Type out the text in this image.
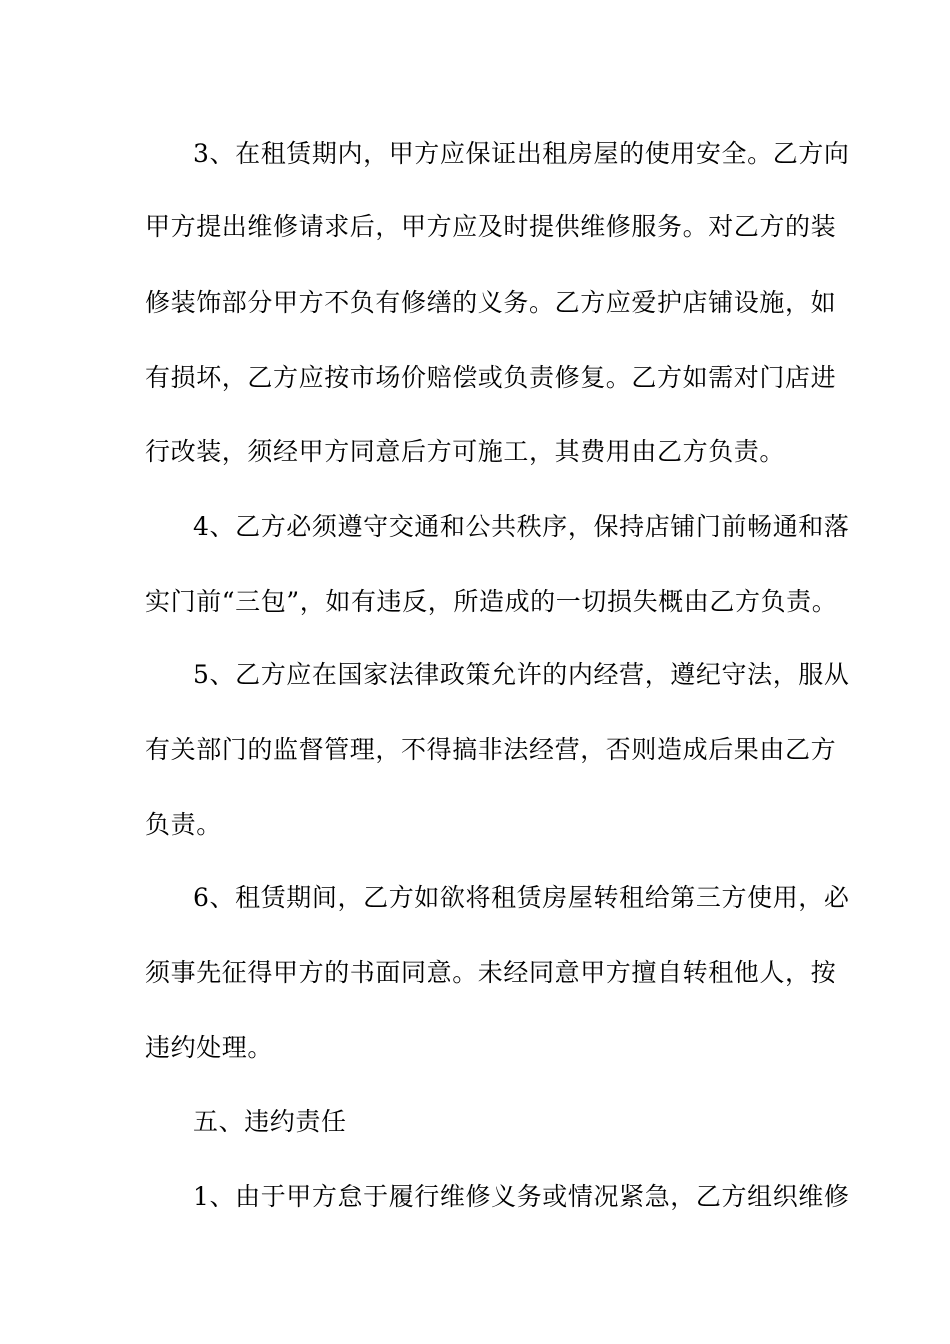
3、在租赁期内，甲方应保证出租房屋的使用安全。乙方向
甲方提出维修请求后，甲方应及时提供维修服务。对乙方的装
修装饰部分甲方不负有修缮的义务。乙方应爱护店铺设施，如
有损坏，乙方应按市场价赔偿或负责修复。乙方如需对门店进
行改装，须经甲方同意后方可施工，其费用由乙方负责。
4、乙方必须遵守交通和公共秩序，保持店铺门前畅通和落
实门前“三包”，如有违反，所造成的一切损失概由乙方负责。
5、乙方应在国家法律政策允许的内经营，遵纪守法，服从
有关部门的监督管理，不得搞非法经营，否则造成后果由乙方
负责。
6、租赁期间，乙方如欲将租赁房屋转租给第三方使用，必
须事先征得甲方的书面同意。未经同意甲方擅自转租他人，按
违约处理。
五、违约责任
1、由于甲方怠于履行维修义务或情况紧急，乙方组织维修
